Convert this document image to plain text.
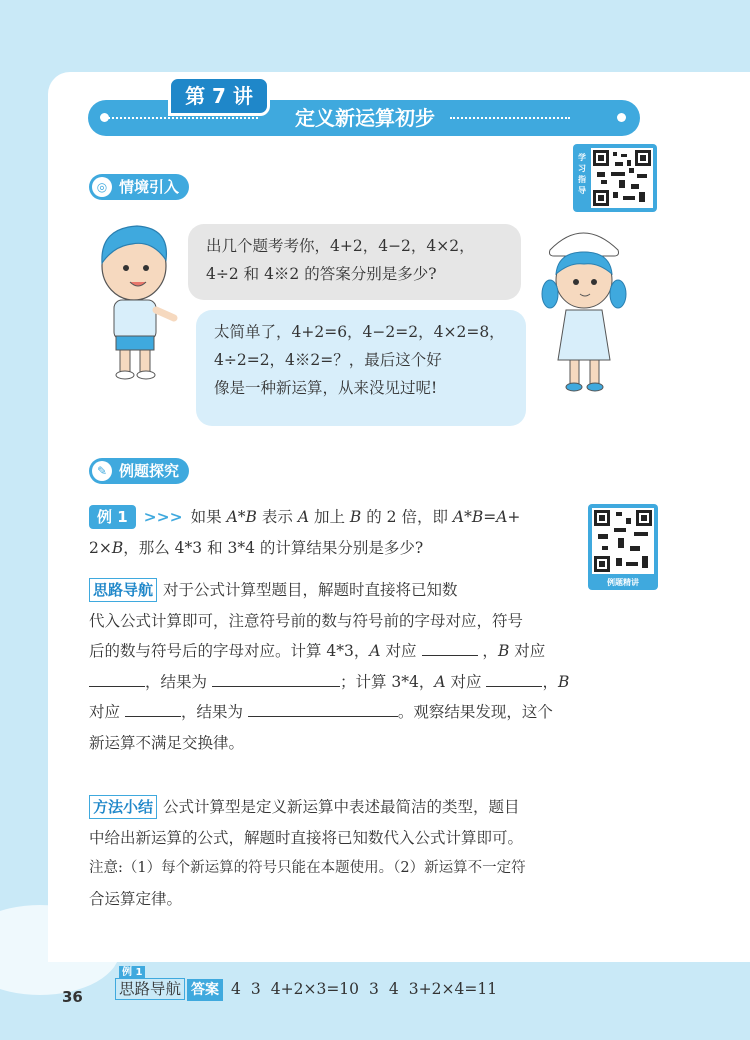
第 7 讲
定义新运算初步
学习指导
◎ 情境引入
出几个题考考你，4+2，4−2，4×2，
4÷2 和 4※2 的答案分别是多少?
太简单了，4+2=6，4−2=2，4×2=8，
4÷2=2，4※2=？，最后这个好
像是一种新运算，从来没见过呢!
✎ 例题探究
例题精讲
例 1 >>> 如果 A*B 表示 A 加上 B 的 2 倍，即 A*B=A+
2×B，那么 4*3 和 3*4 的计算结果分别是多少?
思路导航 对于公式计算型题目，解题时直接将已知数
代入公式计算即可，注意符号前的数与符号前的字母对应，符号
后的数与符号后的字母对应。计算 4*3，A 对应	，B 对应
，结果为	；计算 3*4，A 对应	，B
对应	，结果为	。观察结果发现，这个
新运算不满足交换律。
方法小结 公式计算型是定义新运算中表述最简洁的类型，题目
中给出新运算的公式，解题时直接将已知数代入公式计算即可。
注意:（1）每个新运算的符号只能在本题使用。（2）新运算不一定符
合运算定律。
36
例 1
思路导航 答案 4 3 4+2×3=10 3 4 3+2×4=11
